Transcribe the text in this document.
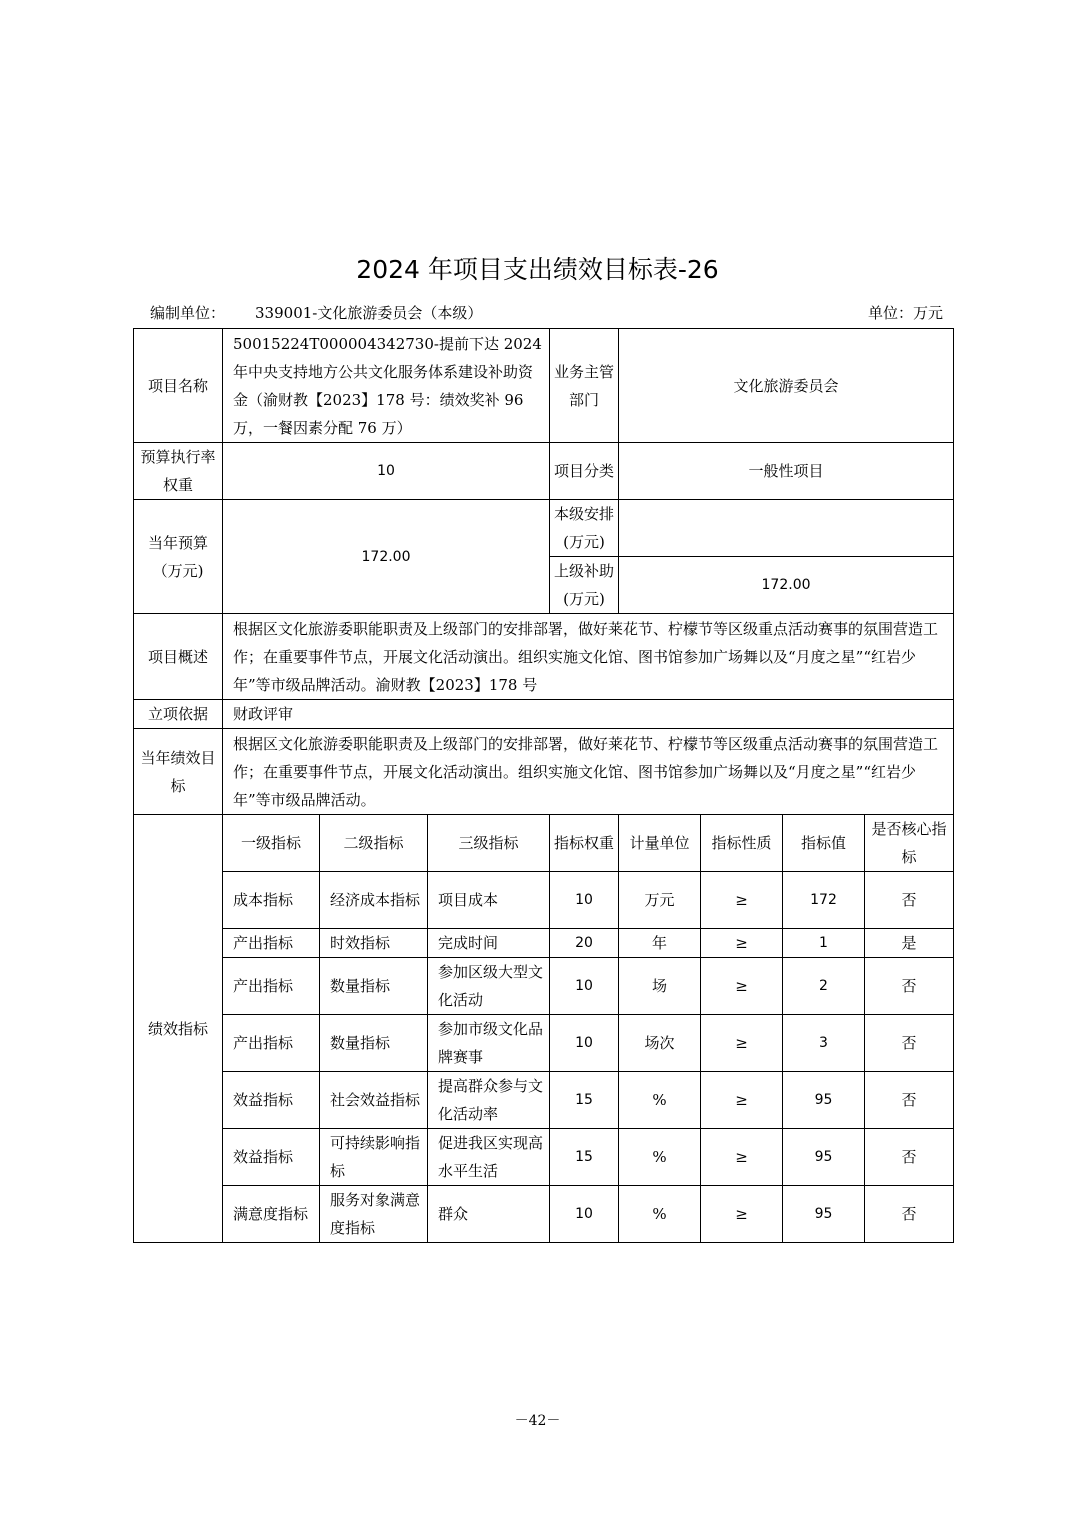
2024 年项目支出绩效目标表-26
编制单位： 339001-文化旅游委员会（本级）	单位：万元
项目名称	50015224T000004342730-提前下达 2024 年中央支持地方公共文化服务体系建设补助资金（渝财教【2023】178 号：绩效奖补 96 万，一餐因素分配 76 万）			业务主管部门	文化旅游委员会			
预算执行率权重	10			项目分类	一般性项目			
当年预算（万元)	172.00			本级安排(万元)				
				上级补助(万元)	172.00			
项目概述	根据区文化旅游委职能职责及上级部门的安排部署，做好莱花节、柠檬节等区级重点活动赛事的氛围营造工作；在重要事件节点，开展文化活动演出。组织实施文化馆、图书馆参加广场舞以及“月度之星”“红岩少年”等市级品牌活动。渝财教【2023】178 号							
立项依据	财政评审							
当年绩效目标	根据区文化旅游委职能职责及上级部门的安排部署，做好莱花节、柠檬节等区级重点活动赛事的氛围营造工作；在重要事件节点，开展文化活动演出。组织实施文化馆、图书馆参加广场舞以及“月度之星”“红岩少年”等市级品牌活动。							
绩效指标	一级指标	二级指标	三级指标	指标权重	计量单位	指标性质	指标值	是否核心指标
	成本指标	经济成本指标	项目成本	10	万元	≥	172	否
	产出指标	时效指标	完成时间	20	年	≥	1	是
	产出指标	数量指标	参加区级大型文化活动	10	场	≥	2	否
	产出指标	数量指标	参加市级文化品牌赛事	10	场次	≥	3	否
	效益指标	社会效益指标	提高群众参与文化活动率	15	%	≥	95	否
	效益指标	可持续影响指标	促进我区实现高水平生活	15	%	≥	95	否
	满意度指标	服务对象满意度指标	群众	10	%	≥	95	否
－42－
